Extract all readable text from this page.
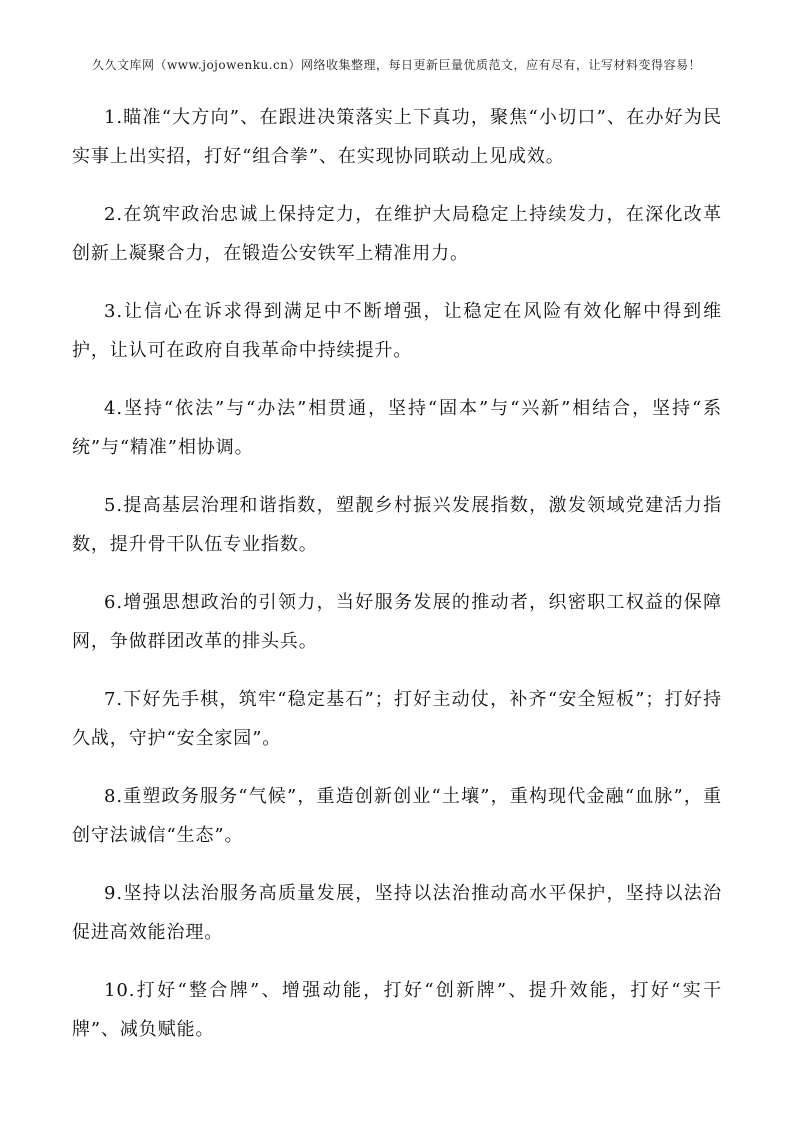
久久文库网（www.jojowenku.cn）网络收集整理，每日更新巨量优质范文，应有尽有，让写材料变得容易！

1.瞄准“大方向”、在跟进决策落实上下真功，聚焦“小切口”、在办好为民实事上出实招，打好“组合拳”、在实现协同联动上见成效。

2.在筑牢政治忠诚上保持定力，在维护大局稳定上持续发力，在深化改革创新上凝聚合力，在锻造公安铁军上精准用力。

3.让信心在诉求得到满足中不断增强，让稳定在风险有效化解中得到维护，让认可在政府自我革命中持续提升。

4.坚持“依法”与“办法”相贯通，坚持“固本”与“兴新”相结合，坚持“系统”与“精准”相协调。

5.提高基层治理和谐指数，塑靓乡村振兴发展指数，激发领域党建活力指数，提升骨干队伍专业指数。

6.增强思想政治的引领力，当好服务发展的推动者，织密职工权益的保障网，争做群团改革的排头兵。

7.下好先手棋，筑牢“稳定基石”；打好主动仗，补齐“安全短板”；打好持久战，守护“安全家园”。

8.重塑政务服务“气候”，重造创新创业“土壤”，重构现代金融“血脉”，重创守法诚信“生态”。

9.坚持以法治服务高质量发展，坚持以法治推动高水平保护，坚持以法治促进高效能治理。

10.打好“整合牌”、增强动能，打好“创新牌”、提升效能，打好“实干牌”、减负赋能。
